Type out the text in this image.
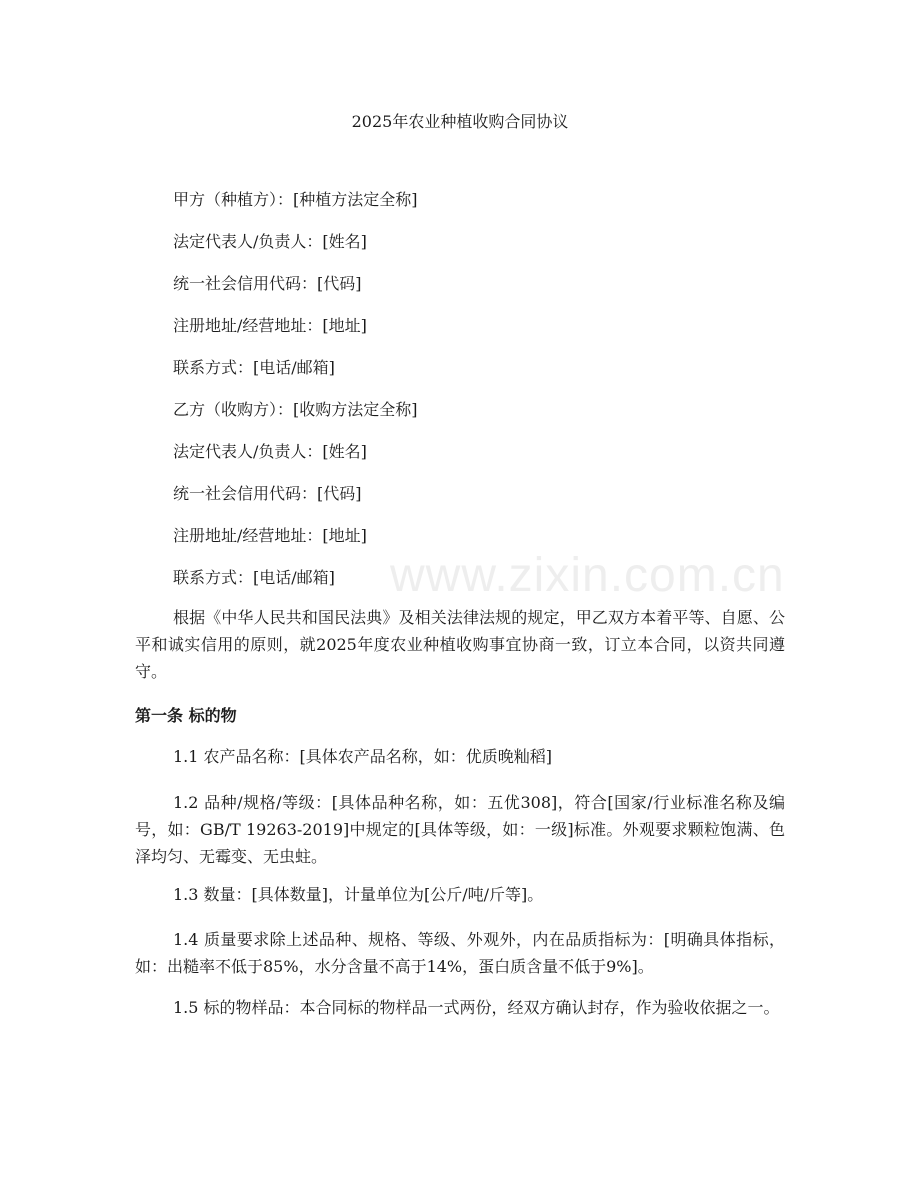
2025年农业种植收购合同协议
甲方（种植方）：[种植方法定全称]
法定代表人/负责人：[姓名]
统一社会信用代码：[代码]
注册地址/经营地址：[地址]
联系方式：[电话/邮箱]
乙方（收购方）：[收购方法定全称]
法定代表人/负责人：[姓名]
统一社会信用代码：[代码]
注册地址/经营地址：[地址]
联系方式：[电话/邮箱]
根据《中华人民共和国民法典》及相关法律法规的规定，甲乙双方本着平等、自愿、公平和诚实信用的原则，就2025年度农业种植收购事宜协商一致，订立本合同，以资共同遵守。
第一条 标的物
1.1 农产品名称：[具体农产品名称，如：优质晚籼稻]
1.2 品种/规格/等级：[具体品种名称，如：五优308]，符合[国家/行业标准名称及编号，如：GB/T 19263-2019]中规定的[具体等级，如：一级]标准。外观要求颗粒饱满、色泽均匀、无霉变、无虫蛀。
1.3 数量：[具体数量]，计量单位为[公斤/吨/斤等]。
1.4 质量要求除上述品种、规格、等级、外观外，内在品质指标为：[明确具体指标，如：出糙率不低于85%，水分含量不高于14%，蛋白质含量不低于9%]。
1.5 标的物样品：本合同标的物样品一式两份，经双方确认封存，作为验收依据之一。
www.zixin.com.cn
